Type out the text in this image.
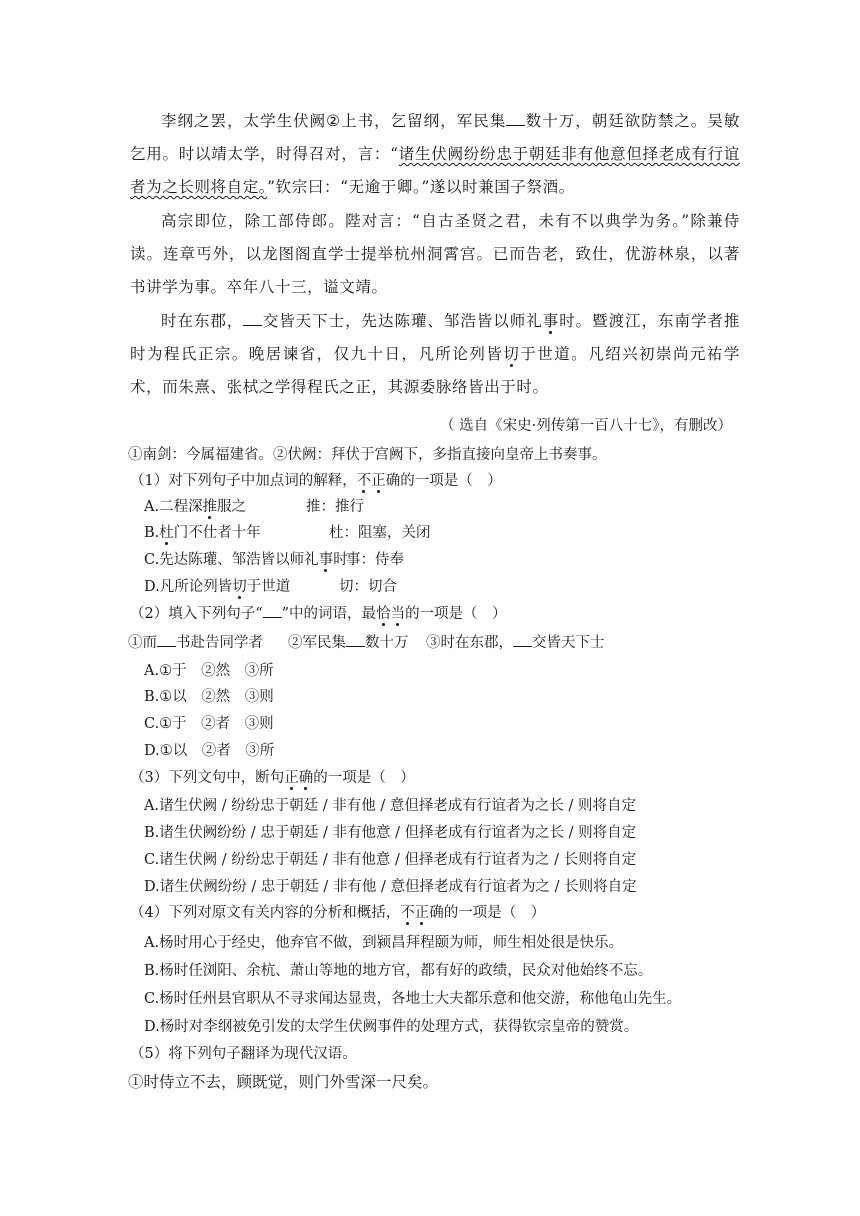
李纲之罢，太学生伏阙②上书，乞留纲，军民集 数十万，朝廷欲防禁之。吴敏乞用。时以靖太学，时得召对，言：“诸生伏阙纷纷忠于朝廷非有他意但择老成有行谊者为之长则将自定。”钦宗曰：“无逾于卿。”遂以时兼国子祭酒。
高宗即位，除工部侍郎。陛对言：“自古圣贤之君，未有不以典学为务。”除兼侍读。连章丐外，以龙图阁直学士提举杭州洞霄宫。已而告老，致仕，优游林泉，以著书讲学为事。卒年八十三，谥文靖。
时在东郡， 交皆天下士，先达陈瓘、邹浩皆以师礼事时。暨渡江，东南学者推时为程氏正宗。晚居谏省，仅九十日，凡所论列皆切于世道。凡绍兴初崇尚元祐学术，而朱熹、张栻之学得程氏之正，其源委脉络皆出于时。
（ 选自《宋史·列传第一百八十七》，有删改）
①南剑：今属福建省。②伏阙：拜伏于宫阙下，多指直接向皇帝上书奏事。
（1）对下列句子中加点词的解释，不正确的一项是（　）
A.二程深推服之	推：推行
B.杜门不仕者十年	杜：阻塞，关闭
C.先达陈瓘、邹浩皆以师礼事时
事：侍奉
D.凡所论列皆切于世道	切：切合
（2）填入下列句子“ ”中的词语，最恰当的一项是（　）
①而 书赴告同学者 ②军民集 数十万 ③时在东郡， 交皆天下士
A.①于　②然　③所
B.①以　②然　③则
C.①于　②者　③则
D.①以　②者　③所
（3）下列文句中，断句正确的一项是（　）
A.诸生伏阙 / 纷纷忠于朝廷 / 非有他 / 意但择老成有行谊者为之长 / 则将自定
B.诸生伏阙纷纷 / 忠于朝廷 / 非有他意 / 但择老成有行谊者为之长 / 则将自定
C.诸生伏阙 / 纷纷忠于朝廷 / 非有他意 / 但择老成有行谊者为之 / 长则将自定
D.诸生伏阙纷纷 / 忠于朝廷 / 非有他 / 意但择老成有行谊者为之 / 长则将自定
（4）下列对原文有关内容的分析和概括，不正确的一项是（　）
A.杨时用心于经史，他弃官不做，到颍昌拜程颐为师，师生相处很是快乐。
B.杨时任浏阳、余杭、萧山等地的地方官，都有好的政绩，民众对他始终不忘。
C.杨时任州县官职从不寻求闻达显贵，各地士大夫都乐意和他交游，称他龟山先生。
D.杨时对李纲被免引发的太学生伏阙事件的处理方式，获得钦宗皇帝的赞赏。
（5）将下列句子翻译为现代汉语。
①时侍立不去，顾既觉，则门外雪深一尺矣。
